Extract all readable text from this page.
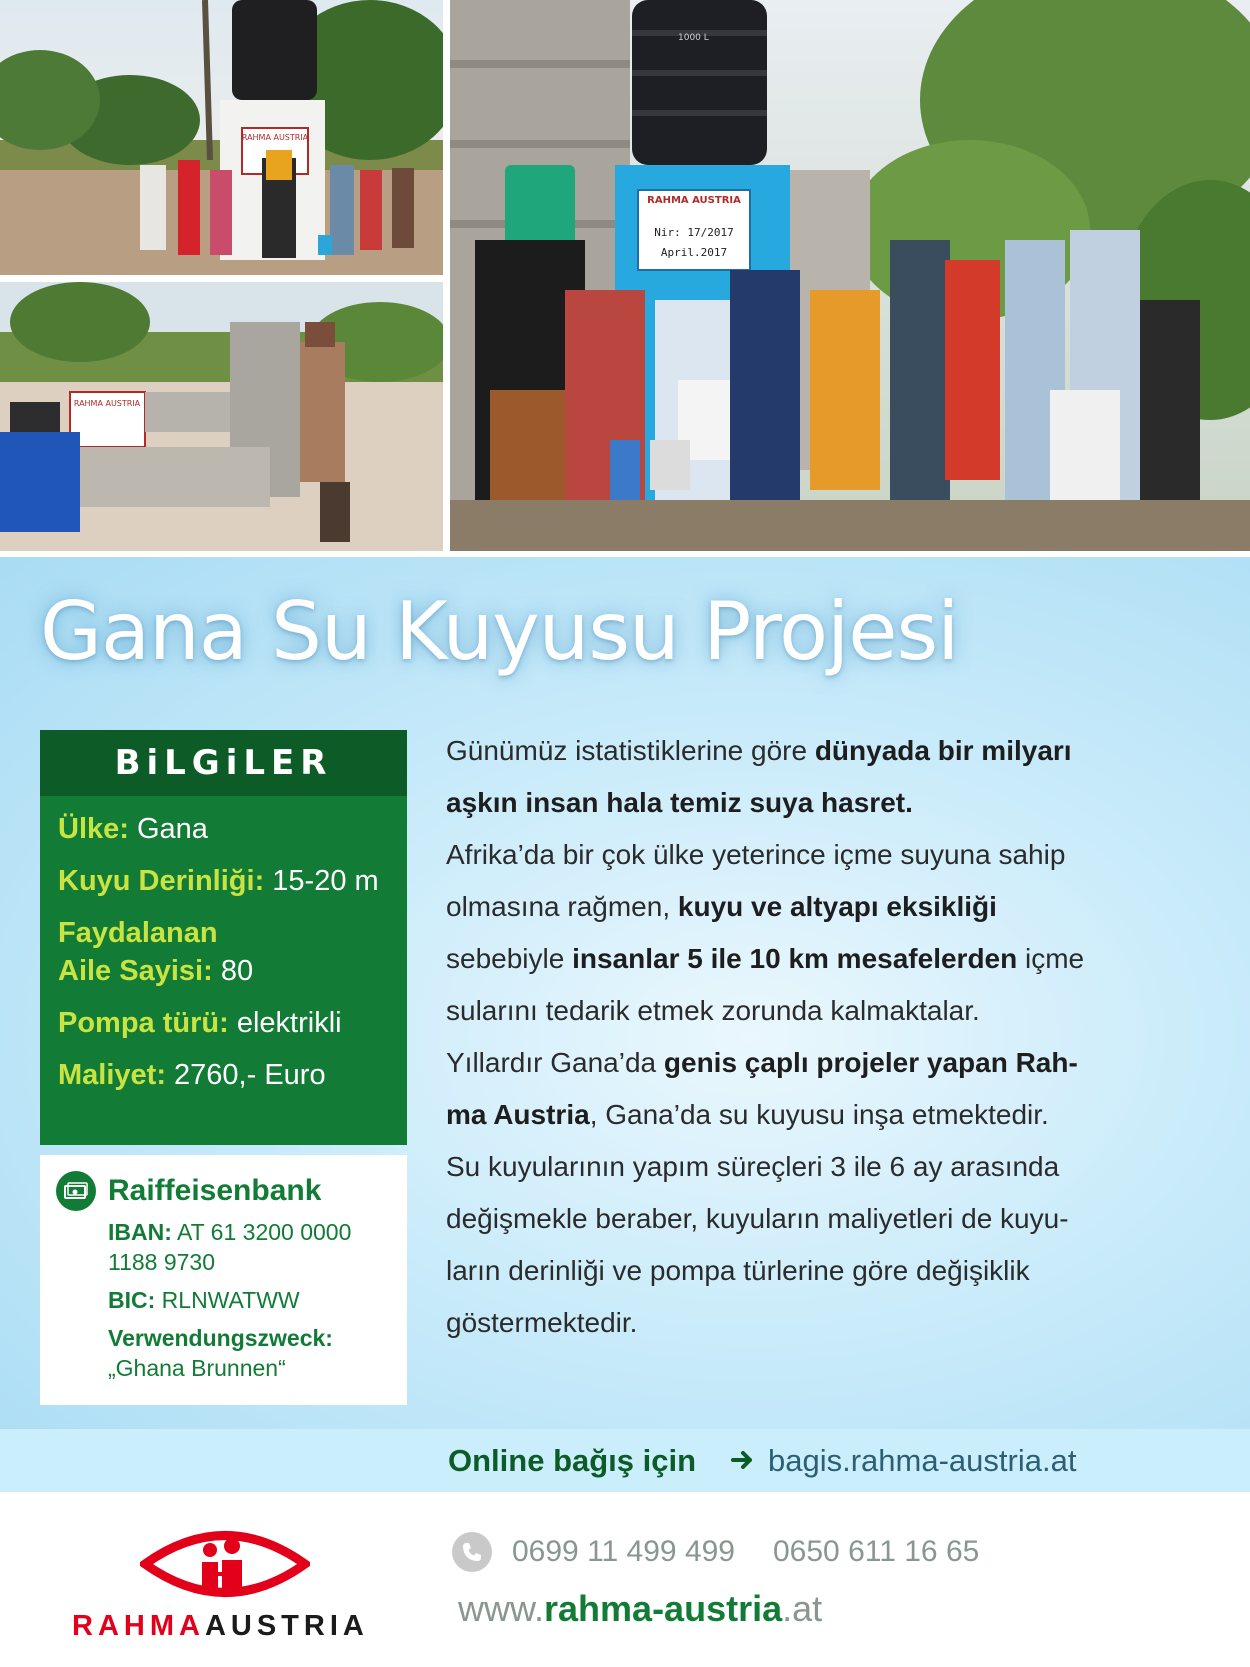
RAHMA AUSTRIA
RAHMA AUSTRIA
1000 L
RAHMA AUSTRIA
Nir: 17/2017
April.2017
Gana Su Kuyusu Projesi
BiLGiLER
Ülke: Gana
Kuyu Derinliği: 15-20 m
Faydalanan
Aile Sayisi: 80
Pompa türü: elektrikli
Maliyet: 2760,- Euro
Raiffeisenbank
IBAN: AT 61 3200 0000
1188 9730
BIC: RLNWATWW
Verwendungszweck:
„Ghana Brunnen“
Günümüz istatistiklerine göre dünyada bir milyarı
aşkın insan hala temiz suya hasret.
Afrika’da bir çok ülke yeterince içme suyuna sahip
olmasına rağmen, kuyu ve altyapı eksikliği
sebebiyle insanlar 5 ile 10 km mesafelerden içme
sularını tedarik etmek zorunda kalmaktalar.
Yıllardır Gana’da genis çaplı projeler yapan Rah-
ma Austria, Gana’da su kuyusu inşa etmektedir.
Su kuyularının yapım süreçleri 3 ile 6 ay arasında
değişmekle beraber, kuyuların maliyetleri de kuyu-
ların derinliği ve pompa türlerine göre değişiklik
göstermektedir.
Online bağış için bagis.rahma-austria.at
RAHMAAUSTRIA
0699 11 499 499 0650 611 16 65
www.rahma-austria.at
